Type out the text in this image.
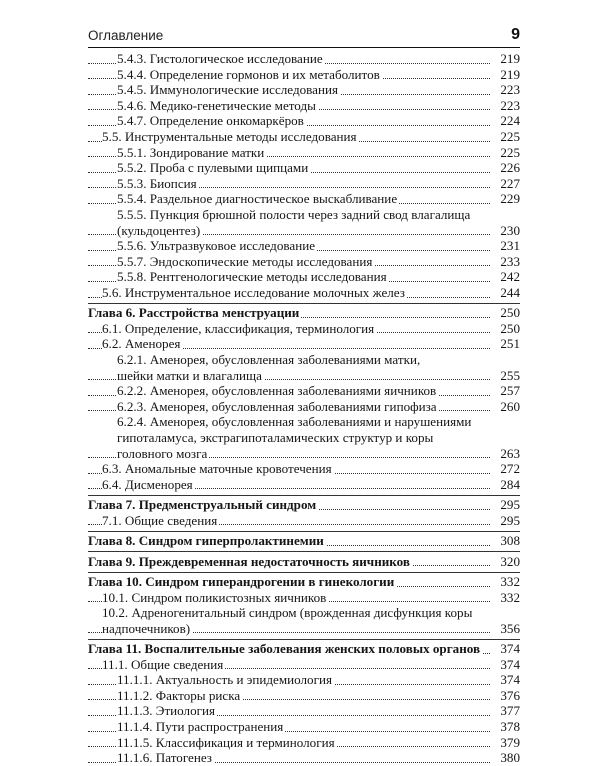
Оглавление	9
5.4.3. Гистологическое исследование	219
5.4.4. Определение гормонов и их метаболитов	219
5.4.5. Иммунологические исследования	223
5.4.6. Медико-генетические методы	223
5.4.7. Определение онкомаркёров	224
5.5. Инструментальные методы исследования	225
5.5.1. Зондирование матки	225
5.5.2. Проба с пулевыми щипцами	226
5.5.3. Биопсия	227
5.5.4. Раздельное диагностическое выскабливание	229
5.5.5. Пункция брюшной полости через задний свод влагалища
(кульдоцентез)	230
5.5.6. Ультразвуковое исследование	231
5.5.7. Эндоскопические методы исследования	233
5.5.8. Рентгенологические методы исследования	242
5.6. Инструментальное исследование молочных желез	244
Глава 6. Расстройства менструации	250
6.1. Определение, классификация, терминология	250
6.2. Аменорея	251
6.2.1. Аменорея, обусловленная заболеваниями матки,
шейки матки и влагалища	255
6.2.2. Аменорея, обусловленная заболеваниями яичников	257
6.2.3. Аменорея, обусловленная заболеваниями гипофиза	260
6.2.4. Аменорея, обусловленная заболеваниями и нарушениями
гипоталамуса, экстрагипоталамических структур и коры
головного мозга	263
6.3. Аномальные маточные кровотечения	272
6.4. Дисменорея	284
Глава 7. Предменструальный синдром	295
7.1. Общие сведения	295
Глава 8. Синдром гиперпролактинемии	308
Глава 9. Преждевременная недостаточность яичников	320
Глава 10. Синдром гиперандрогении в гинекологии	332
10.1. Синдром поликистозных яичников	332
10.2. Адреногенитальный синдром (врожденная дисфункция коры
надпочечников)	356
Глава 11. Воспалительные заболевания женских половых органов 374
11.1. Общие сведения	374
11.1.1. Актуальность и эпидемиология	374
11.1.2. Факторы риска	376
11.1.3. Этиология	377
11.1.4. Пути распространения	378
11.1.5. Классификация и терминология	379
11.1.6. Патогенез	380
